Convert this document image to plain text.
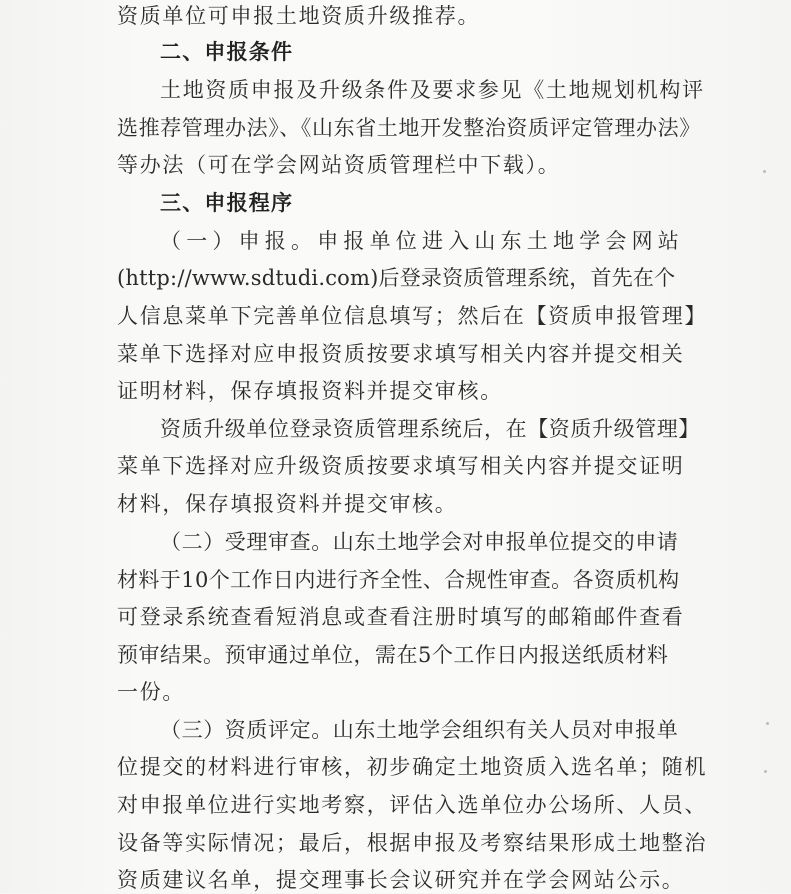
资质单位可申报土地资质升级推荐。
二、申报条件
土地资质申报及升级条件及要求参见《土地规划机构评
选推荐管理办法》、《山东省土地开发整治资质评定管理办法》
等办法（可在学会网站资质管理栏中下载）。
三、申报程序
（一）申报。申报单位进入山东土地学会网站
(http://www.sdtudi.com)后登录资质管理系统，首先在个
人信息菜单下完善单位信息填写；然后在【资质申报管理】
菜单下选择对应申报资质按要求填写相关内容并提交相关
证明材料，保存填报资料并提交审核。
资质升级单位登录资质管理系统后，在【资质升级管理】
菜单下选择对应升级资质按要求填写相关内容并提交证明
材料，保存填报资料并提交审核。
（二）受理审查。山东土地学会对申报单位提交的申请
材料于10个工作日内进行齐全性、合规性审查。各资质机构
可登录系统查看短消息或查看注册时填写的邮箱邮件查看
预审结果。预审通过单位，需在5个工作日内报送纸质材料
一份。
（三）资质评定。山东土地学会组织有关人员对申报单
位提交的材料进行审核，初步确定土地资质入选名单；随机
对申报单位进行实地考察，评估入选单位办公场所、人员、
设备等实际情况；最后，根据申报及考察结果形成土地整治
资质建议名单，提交理事长会议研究并在学会网站公示。
